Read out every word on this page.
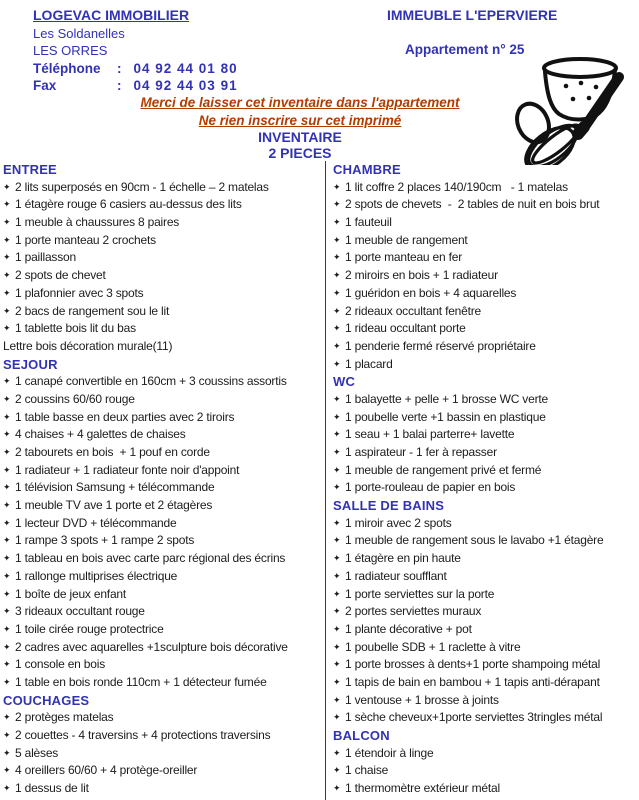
LOGEVAC IMMOBILIER
Les Soldanelles
LES ORRES
Téléphone : 04 92 44 01 80
Fax	: 04 92 44 03 91
IMMEUBLE L'EPERVIERE
Appartement n° 25
Merci de laisser cet inventaire dans l'appartement
Ne rien inscrire sur cet imprimé
INVENTAIRE
2 PIECES
ENTREE
✦ 2 lits superposés en 90cm - 1 échelle – 2 matelas
✦ 1 étagère rouge 6 casiers au-dessus des lits
✦ 1 meuble à chaussures 8 paires
✦ 1 porte manteau 2 crochets
✦ 1 paillasson
✦ 2 spots de chevet
✦ 1 plafonnier avec 3 spots
✦ 2 bacs de rangement sou le lit
✦ 1 tablette bois lit du bas
Lettre bois décoration murale(11)
SEJOUR
✦ 1 canapé convertible en 160cm + 3 coussins assortis
✦ 2 coussins 60/60 rouge
✦ 1 table basse en deux parties avec 2 tiroirs
✦ 4 chaises + 4 galettes de chaises
✦ 2 tabourets en bois  + 1 pouf en corde
✦ 1 radiateur + 1 radiateur fonte noir d'appoint
✦ 1 télévision Samsung + télécommande
✦ 1 meuble TV ave 1 porte et 2 étagères
✦ 1 lecteur DVD + télécommande
✦ 1 rampe 3 spots + 1 rampe 2 spots
✦ 1 tableau en bois avec carte parc régional des écrins
✦ 1 rallonge multiprises électrique
✦ 1 boîte de jeux enfant
✦ 3 rideaux occultant rouge
✦ 1 toile cirée rouge protectrice
✦ 2 cadres avec aquarelles +1sculpture bois décorative
✦ 1 console en bois
✦ 1 table en bois ronde 110cm + 1 détecteur fumée
COUCHAGES
✦ 2 protèges matelas
✦ 2 couettes - 4 traversins + 4 protections traversins
✦ 5 alèses
✦ 4 oreillers 60/60 + 4 protège-oreiller
✦ 1 dessus de lit
CHAMBRE
✦ 1 lit coffre 2 places 140/190cm   - 1 matelas
✦ 2 spots de chevets  -  2 tables de nuit en bois brut
✦ 1 fauteuil
✦ 1 meuble de rangement
✦ 1 porte manteau en fer
✦ 2 miroirs en bois + 1 radiateur
✦ 1 guéridon en bois + 4 aquarelles
✦ 2 rideaux occultant fenêtre
✦ 1 rideau occultant porte
✦ 1 penderie fermé réservé propriétaire
✦ 1 placard
WC
✦ 1 balayette + pelle + 1 brosse WC verte
✦ 1 poubelle verte +1 bassin en plastique
✦ 1 seau + 1 balai parterre+ lavette
✦ 1 aspirateur - 1 fer à repasser
✦ 1 meuble de rangement privé et fermé
✦ 1 porte-rouleau de papier en bois
SALLE DE BAINS
✦ 1 miroir avec 2 spots
✦ 1 meuble de rangement sous le lavabo +1 étagère
✦ 1 étagère en pin haute
✦ 1 radiateur soufflant
✦ 1 porte serviettes sur la porte
✦ 2 portes serviettes muraux
✦ 1 plante décorative + pot
✦ 1 poubelle SDB + 1 raclette à vitre
✦ 1 porte brosses à dents+1 porte shampoing métal
✦ 1 tapis de bain en bambou + 1 tapis anti-dérapant
✦ 1 ventouse + 1 brosse à joints
✦ 1 sèche cheveux+1porte serviettes 3tringles métal
BALCON
✦ 1 étendoir à linge
✦ 1 chaise
✦ 1 thermomètre extérieur métal
